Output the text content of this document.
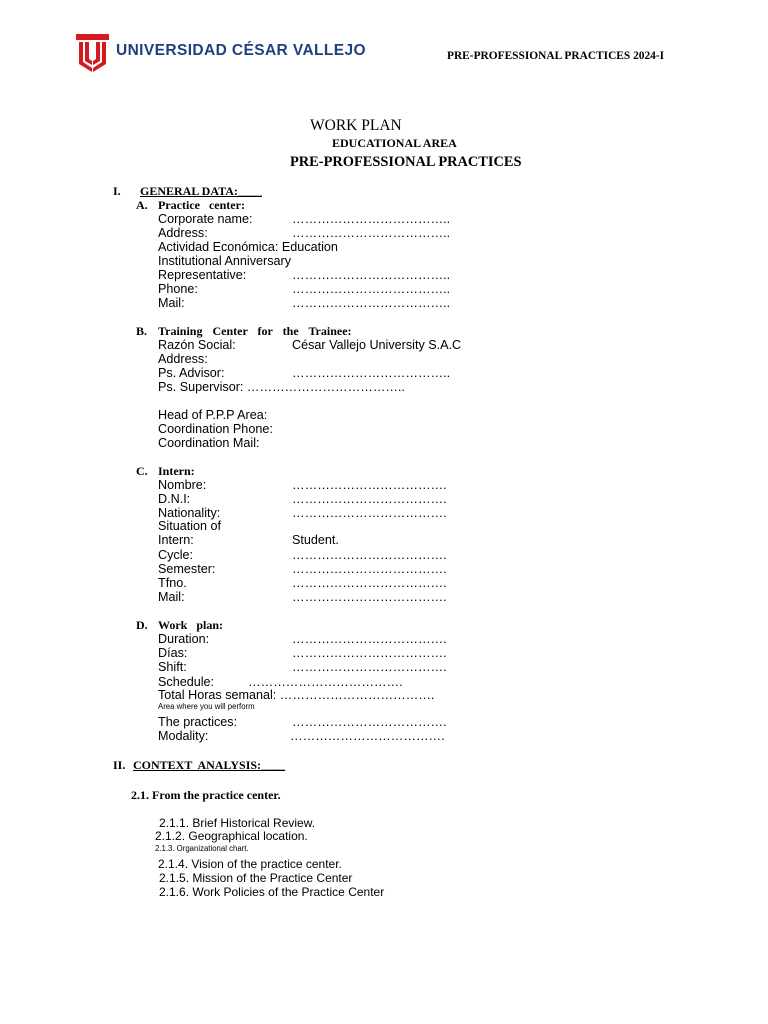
UNIVERSIDAD CÉSAR VALLEJO	PRE-PROFESSIONAL PRACTICES 2024-I
WORK PLAN
EDUCATIONAL AREA
PRE-PROFESSIONAL PRACTICES
I. GENERAL DATA:____
A. Practice center:
Corporate name:	………………………………..
Address:	………………………………..
Actividad Económica: Education
Institutional Anniversary
Representative:	………………………………..
Phone:	………………………………..
Mail:	………………………………..
B. Training Center for the Trainee:
Razón Social:	César Vallejo University S.A.C
Address:
Ps. Advisor:	………………………………..
Ps. Supervisor: ………………………………..
Head of P.P.P Area:
Coordination Phone:
Coordination Mail:
C. Intern:
Nombre:	……………………………….
D.N.I:	……………………………….
Nationality:	……………………………….
Situation of
Intern:	Student.
Cycle:	……………………………….
Semester:	……………………………….
Tfno.	……………………………….
Mail:	……………………………….
D. Work plan:
Duration:	……………………………….
Días:	……………………………….
Shift:	……………………………….
Schedule:	……………………………….
Total Horas semanal: ……………………………….
Area where you will perform
The practices:	……………………………….
Modality:	……………………………….
II. CONTEXT ANALYSIS:____
2.1. From the practice center.
2.1.1. Brief Historical Review.
2.1.2. Geographical location.
2.1.3. Organizational chart.
2.1.4. Vision of the practice center.
2.1.5. Mission of the Practice Center
2.1.6. Work Policies of the Practice Center
